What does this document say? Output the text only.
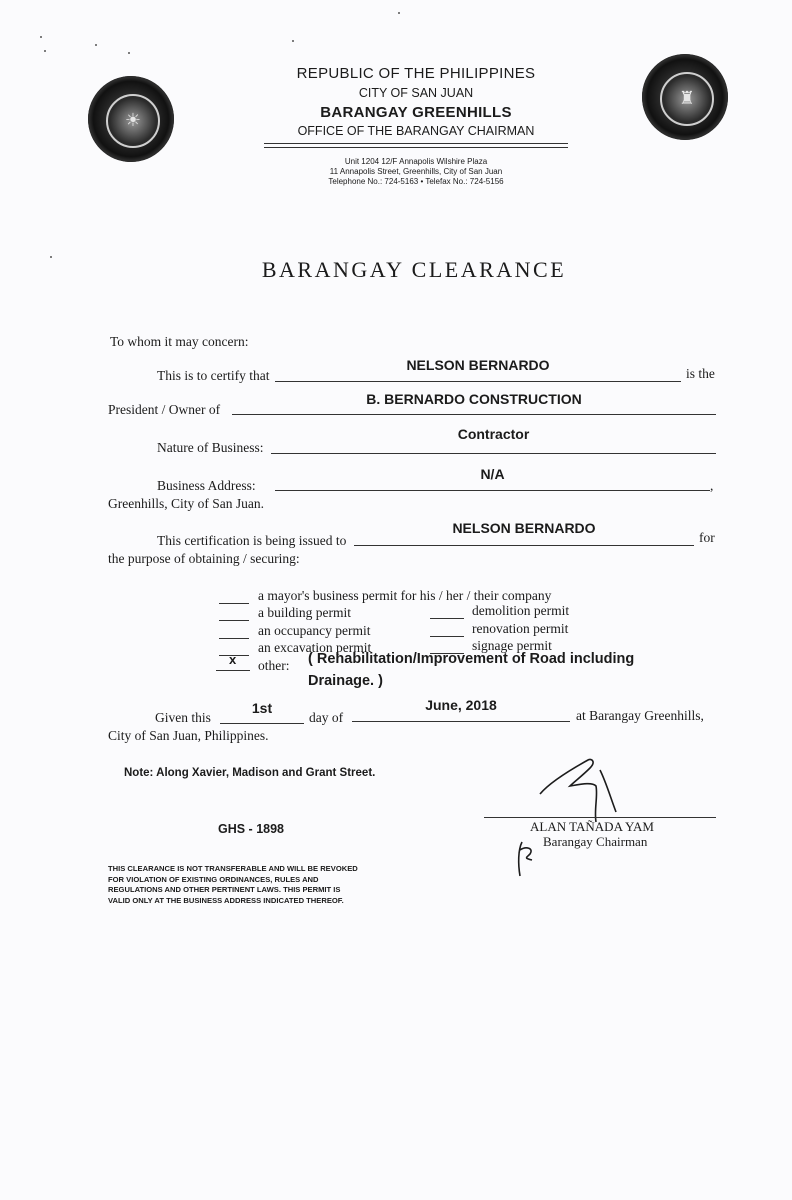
☀
♜
REPUBLIC OF THE PHILIPPINES
CITY OF SAN JUAN
BARANGAY GREENHILLS
OFFICE OF THE BARANGAY CHAIRMAN
Unit 1204 12/F Annapolis Wilshire Plaza
11 Annapolis Street, Greenhills, City of San Juan
Telephone No.: 724-5163 • Telefax No.: 724-5156
BARANGAY CLEARANCE
To whom it may concern:
This is to certify that
NELSON BERNARDO
is the
President / Owner of
B. BERNARDO CONSTRUCTION
Nature of Business:
Contractor
Business Address:
N/A
,
Greenhills, City of San Juan.
This certification is being issued to
NELSON BERNARDO
for
the purpose of obtaining / securing:
a mayor's business permit for his / her / their company
a building permit	demolition permit
an occupancy permit	renovation permit
an excavation permit	signage permit
x other: ( Rehabilitation/Improvement of Road including
Drainage. )
Given this
1st
day of
June, 2018
at Barangay Greenhills,
City of San Juan, Philippines.
Note: Along Xavier, Madison and Grant Street.
ALAN TAÑADA YAM
Barangay Chairman
GHS - 1898
THIS CLEARANCE IS NOT TRANSFERABLE AND WILL BE REVOKED
FOR VIOLATION OF EXISTING ORDINANCES, RULES AND
REGULATIONS AND OTHER PERTINENT LAWS. THIS PERMIT IS
VALID ONLY AT THE BUSINESS ADDRESS INDICATED THEREOF.
